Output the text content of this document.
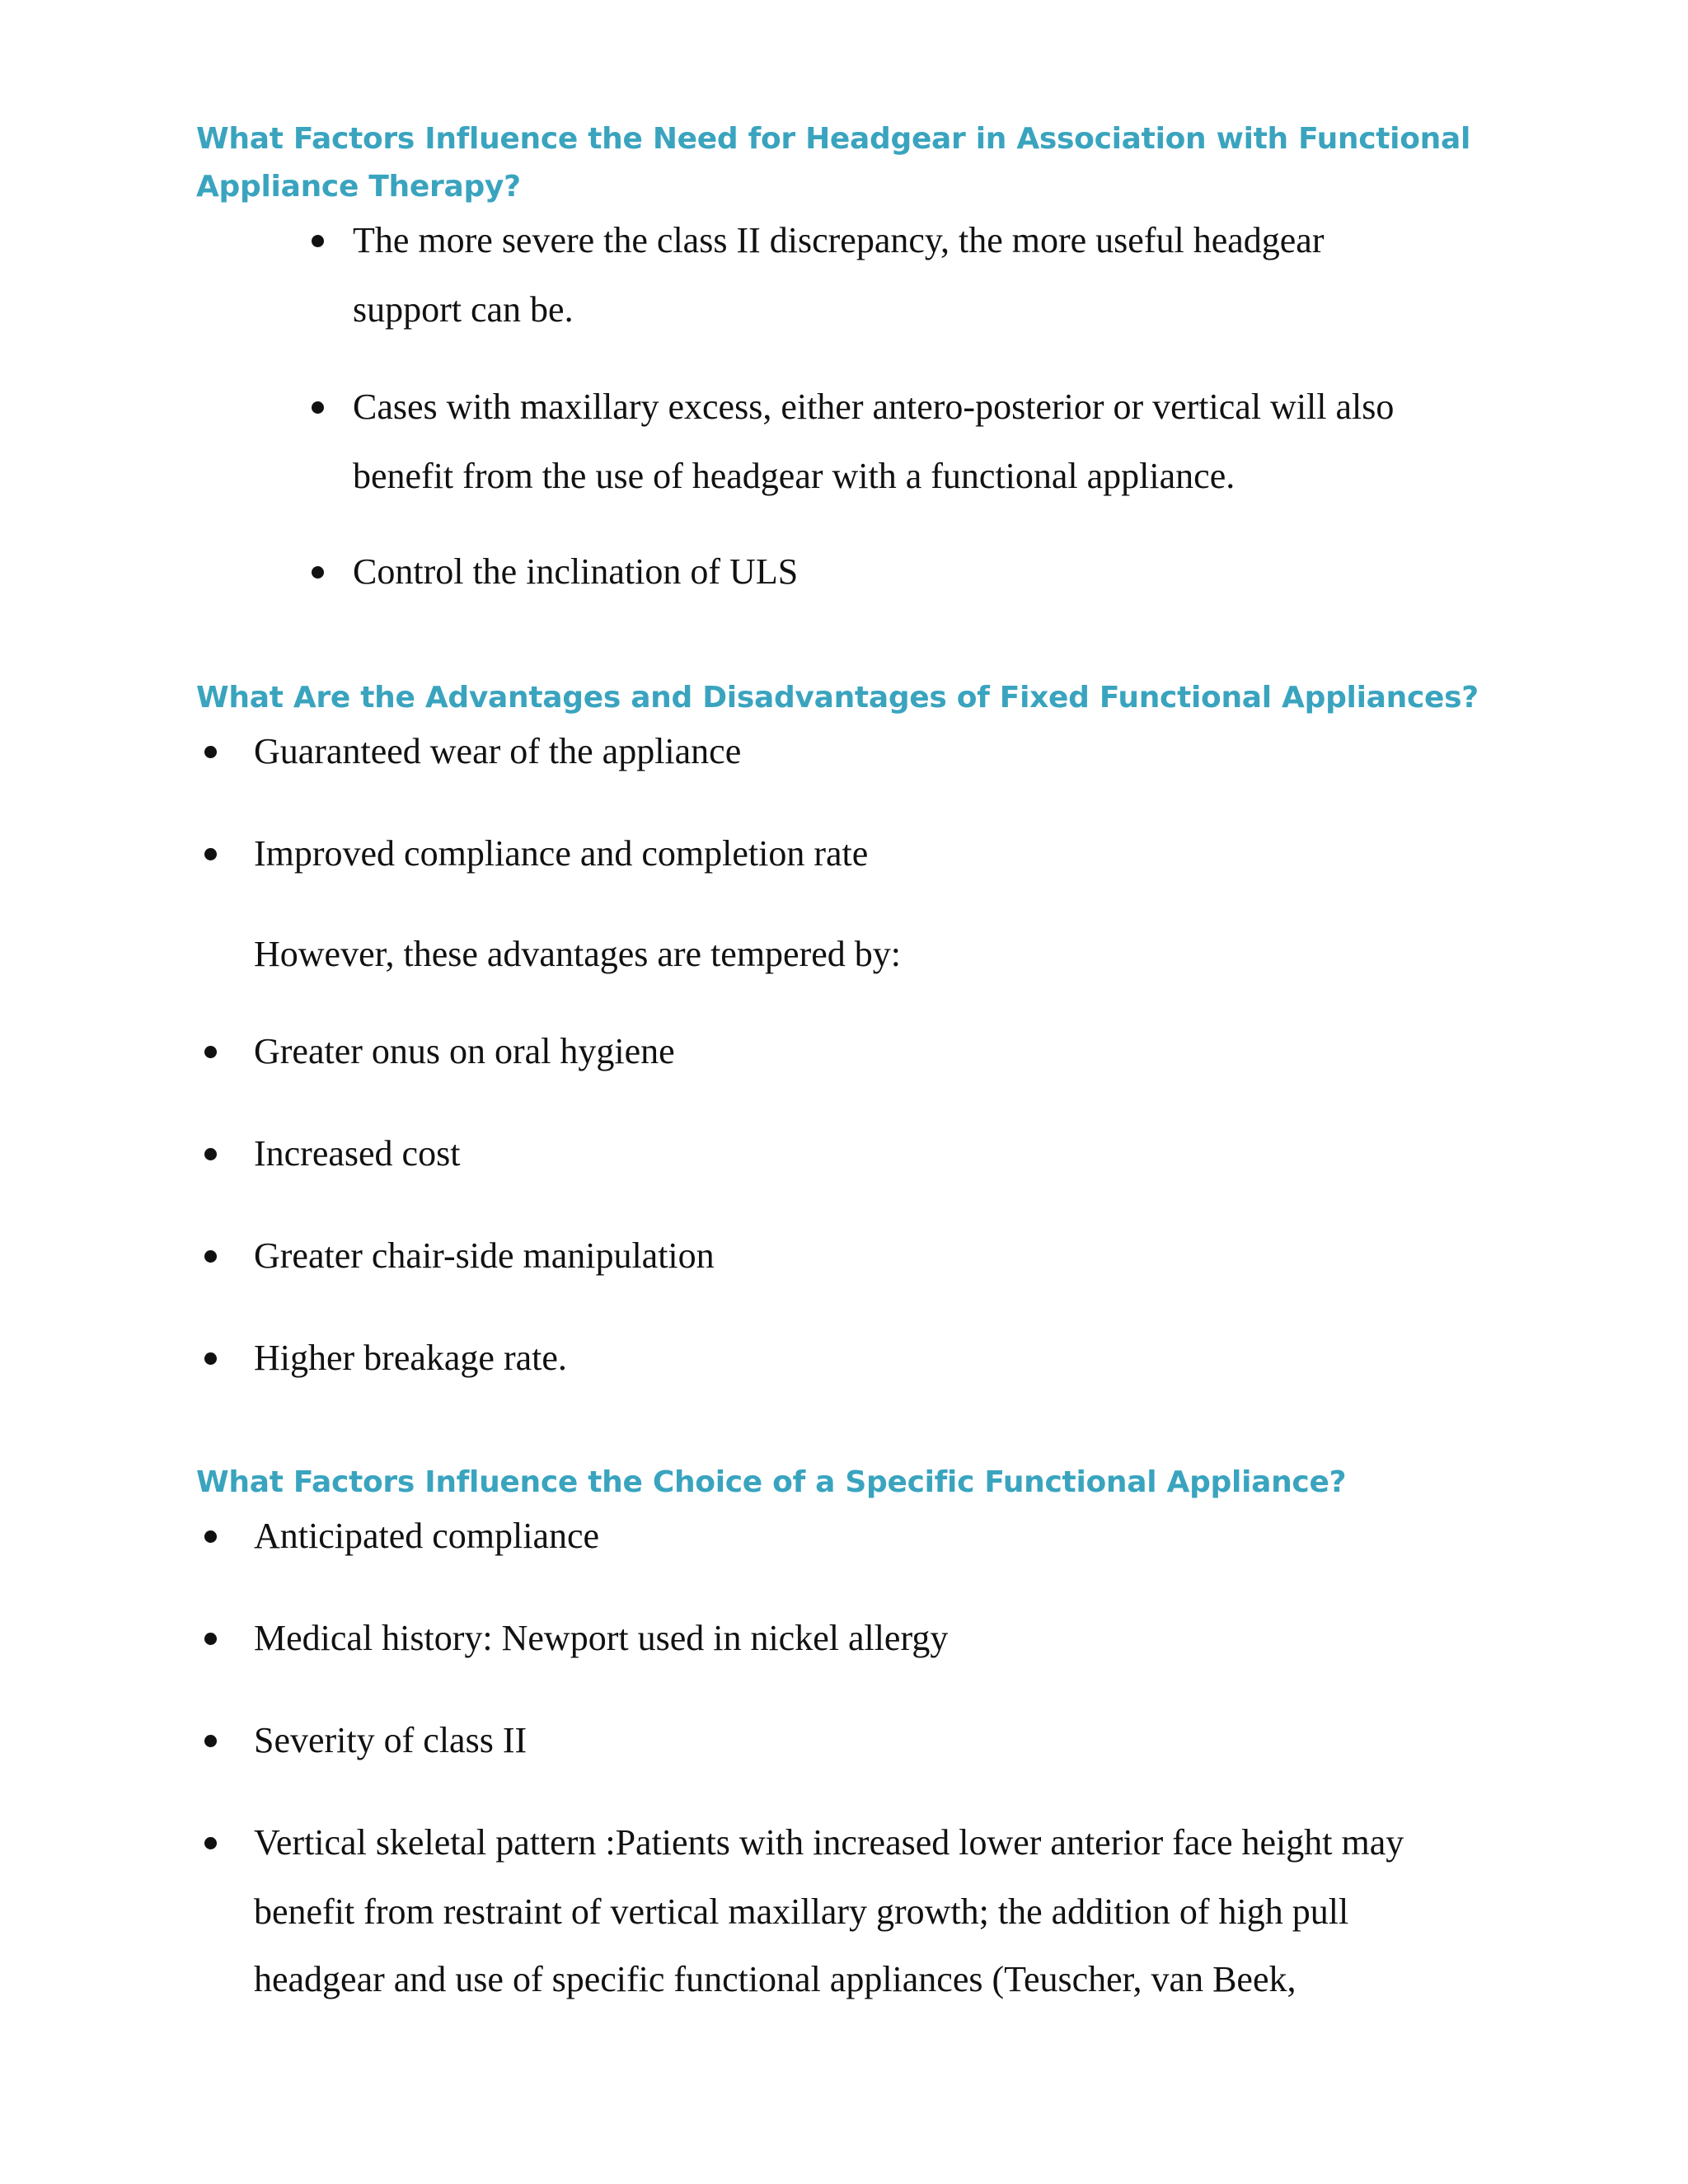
What Factors Influence the Need for Headgear in Association with Functional
Appliance Therapy?
The more severe the class II discrepancy, the more useful headgear
support can be.
Cases with maxillary excess, either antero-posterior or vertical will also
benefit from the use of headgear with a functional appliance.
Control the inclination of ULS
What Are the Advantages and Disadvantages of Fixed Functional Appliances?
Guaranteed wear of the appliance
Improved compliance and completion rate
However, these advantages are tempered by:
Greater onus on oral hygiene
Increased cost
Greater chair-side manipulation
Higher breakage rate.
What Factors Influence the Choice of a Specific Functional Appliance?
Anticipated compliance
Medical history: Newport used in nickel allergy
Severity of class II
Vertical skeletal pattern :Patients with increased lower anterior face height may
benefit from restraint of vertical maxillary growth; the addition of high pull
headgear and use of specific functional appliances (Teuscher, van Beek,
